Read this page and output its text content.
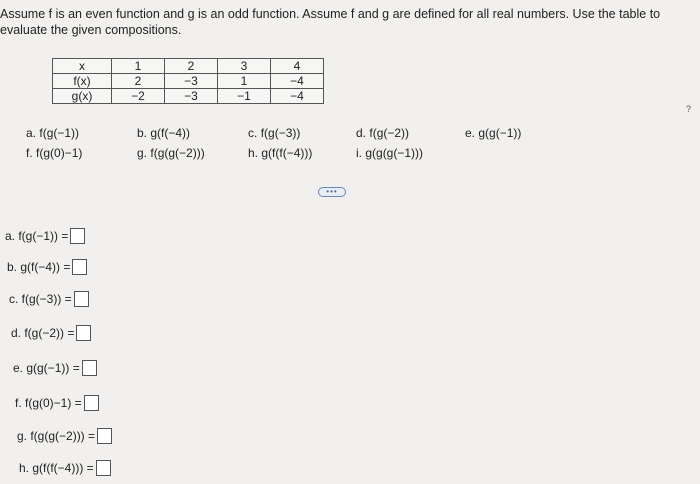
Assume f is an even function and g is an odd function. Assume f and g are defined for all real numbers. Use the table to
evaluate the given compositions.
x	1	2	3	4
f(x)	2	−3	1	−4
g(x)	−2	−3	−1	−4
a. f(g(−1))	b. g(f(−4))	c. f(g(−3))	d. f(g(−2))	e. g(g(−1))
f. f(g(0)−1)	g. f(g(g(−2)))	h. g(f(f(−4)))	i. g(g(g(−1)))
?
•••
a. f(g(−1)) =
b. g(f(−4)) =
c. f(g(−3)) =
d. f(g(−2)) =
e. g(g(−1)) =
f. f(g(0)−1) =
g. f(g(g(−2))) =
h. g(f(f(−4))) =
